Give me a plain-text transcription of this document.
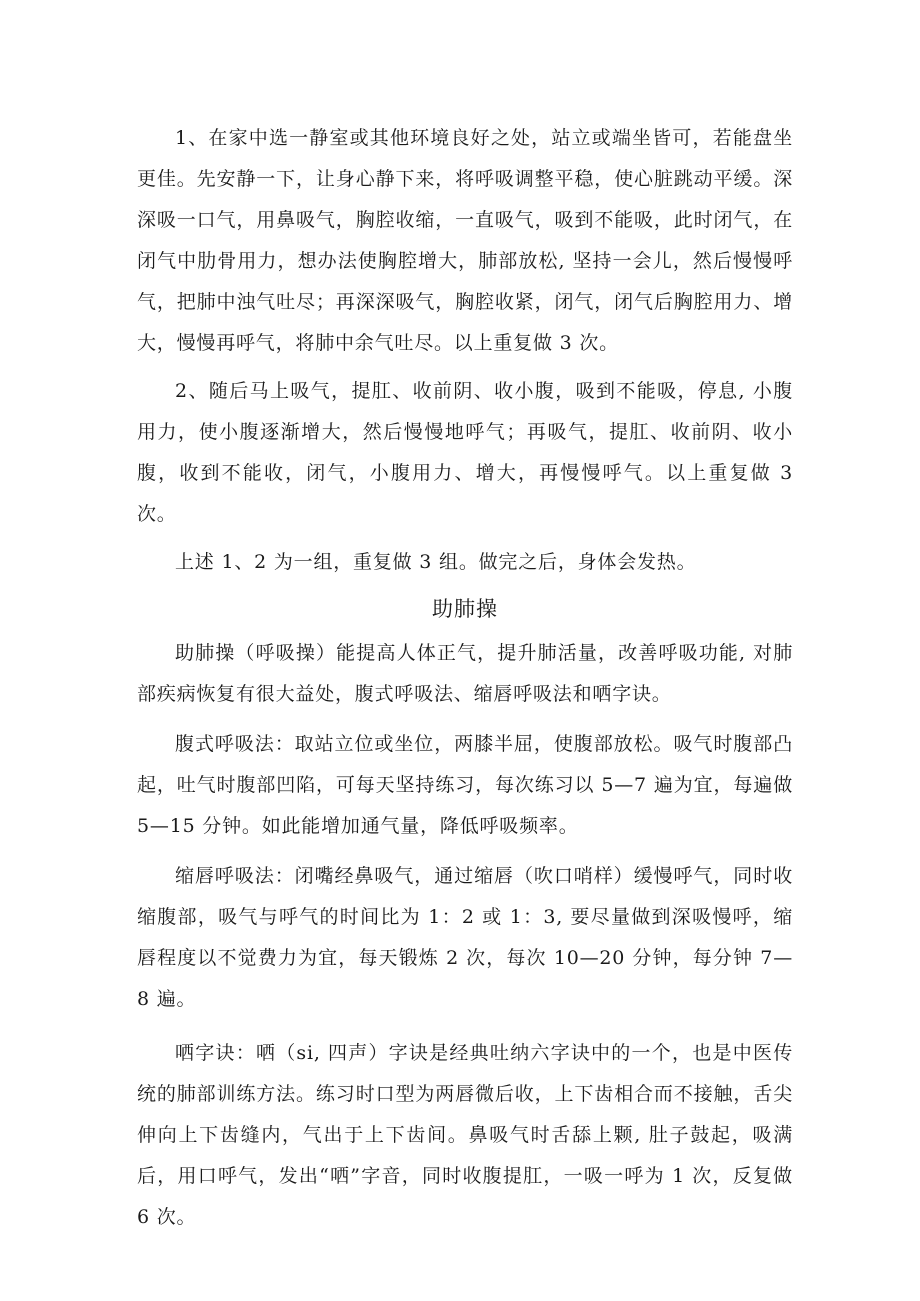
1、在家中选一静室或其他环境良好之处，站立或端坐皆可，若能盘坐更佳。先安静一下，让身心静下来，将呼吸调整平稳，使心脏跳动平缓。深深吸一口气，用鼻吸气，胸腔收缩，一直吸气，吸到不能吸，此时闭气，在闭气中肋骨用力，想办法使胸腔增大，肺部放松, 坚持一会儿，然后慢慢呼气，把肺中浊气吐尽；再深深吸气，胸腔收紧，闭气，闭气后胸腔用力、增大，慢慢再呼气，将肺中余气吐尽。以上重复做 3 次。

2、随后马上吸气，提肛、收前阴、收小腹，吸到不能吸，停息, 小腹用力，使小腹逐渐增大，然后慢慢地呼气；再吸气，提肛、收前阴、收小腹，收到不能收，闭气，小腹用力、增大，再慢慢呼气。以上重复做 3 次。

上述 1、2 为一组，重复做 3 组。做完之后，身体会发热。

助肺操

助肺操（呼吸操）能提高人体正气，提升肺活量，改善呼吸功能, 对肺部疾病恢复有很大益处，腹式呼吸法、缩唇呼吸法和哂字诀。

腹式呼吸法：取站立位或坐位，两膝半屈，使腹部放松。吸气时腹部凸起，吐气时腹部凹陷，可每天坚持练习，每次练习以 5—7 遍为宜，每遍做 5—15 分钟。如此能增加通气量，降低呼吸频率。

缩唇呼吸法：闭嘴经鼻吸气，通过缩唇（吹口哨样）缓慢呼气，同时收缩腹部，吸气与呼气的时间比为 1：2 或 1：3, 要尽量做到深吸慢呼，缩唇程度以不觉费力为宜，每天锻炼 2 次，每次 10—20 分钟，每分钟 7—8 遍。

哂字诀：哂（si, 四声）字诀是经典吐纳六字诀中的一个，也是中医传统的肺部训练方法。练习时口型为两唇微后收，上下齿相合而不接触，舌尖伸向上下齿缝内，气出于上下齿间。鼻吸气时舌舔上颗, 肚子鼓起，吸满后，用口呼气，发出“哂”字音，同时收腹提肛，一吸一呼为 1 次，反复做 6 次。
